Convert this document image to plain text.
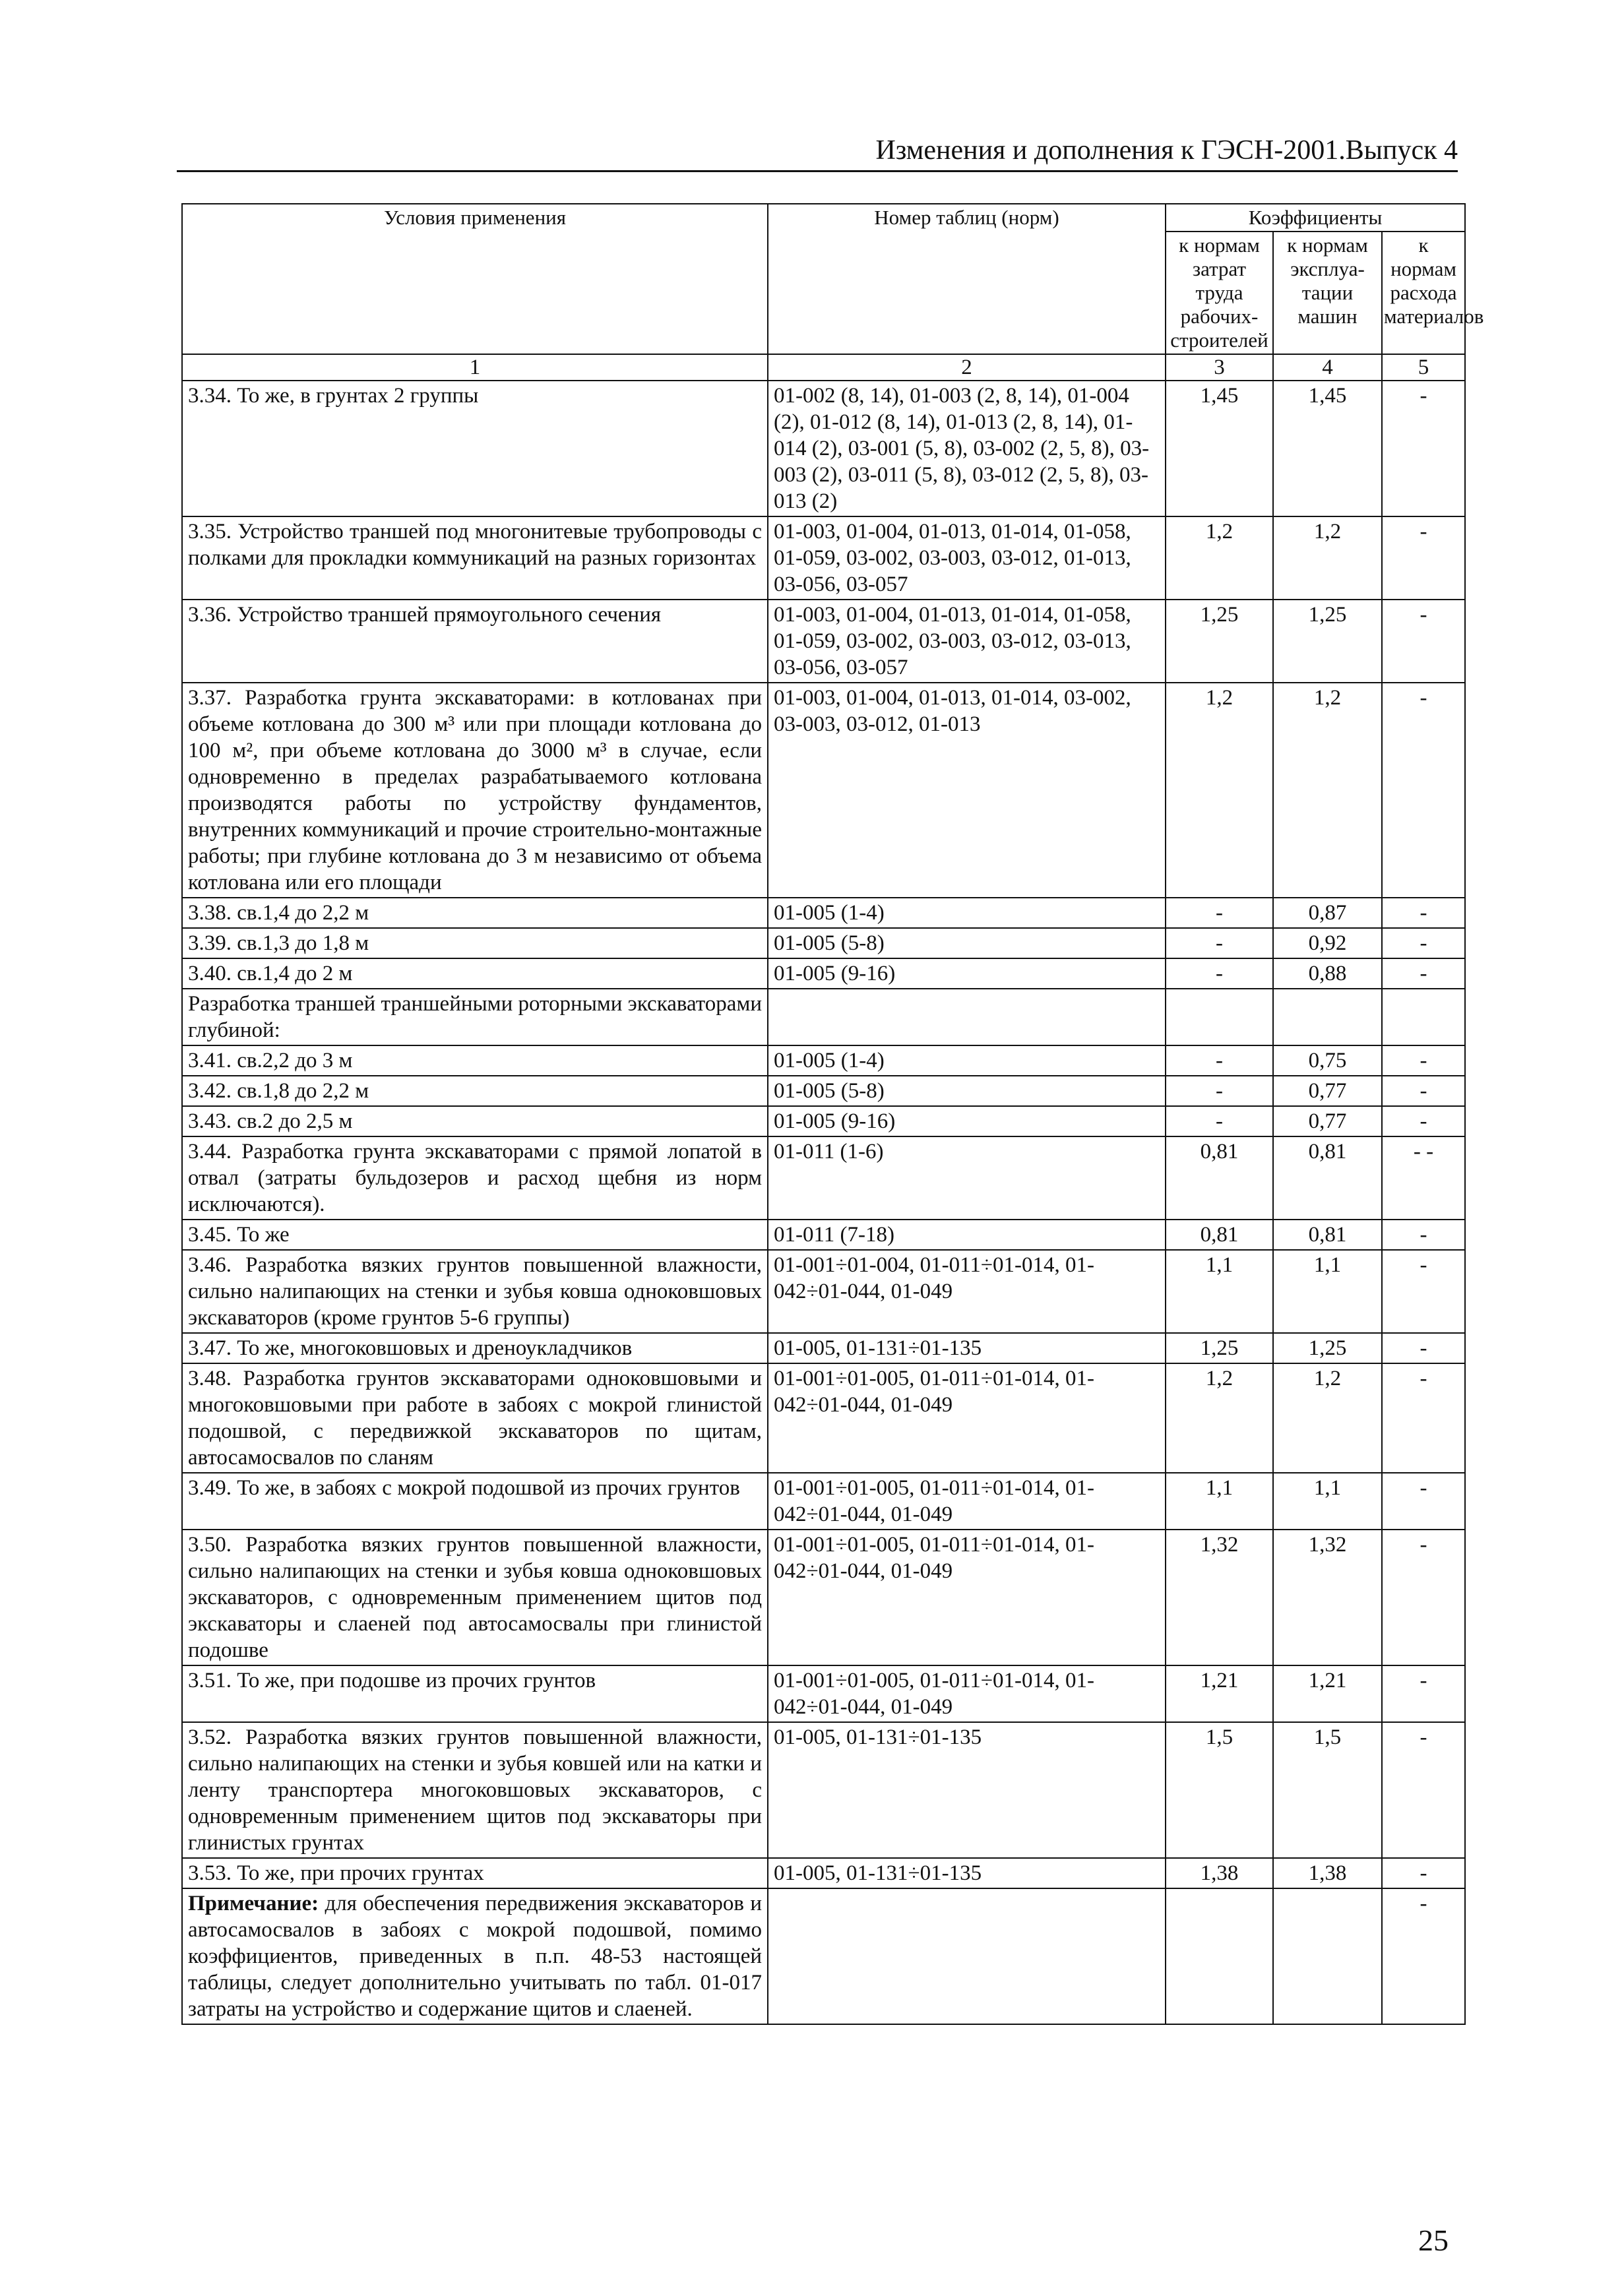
Изменения и дополнения к ГЭСН-2001.Выпуск 4
Условия применения	Номер таблиц (норм)	Коэффициенты		
		к нормам затрат труда рабочих-строителей	к нормам эксплуа-тации машин	к нормам расхода материалов
1	2	3	4	5
3.34. То же, в грунтах 2 группы	01-002 (8, 14), 01-003 (2, 8, 14), 01-004 (2), 01-012 (8, 14), 01-013 (2, 8, 14), 01-014 (2), 03-001 (5, 8), 03-002 (2, 5, 8), 03-003 (2), 03-011 (5, 8), 03-012 (2, 5, 8), 03-013 (2)	1,45	1,45	-
3.35. Устройство траншей под многонитевые трубопроводы с полками для прокладки коммуникаций на разных горизонтах	01-003, 01-004, 01-013, 01-014, 01-058, 01-059, 03-002, 03-003, 03-012, 01-013, 03-056, 03-057	1,2	1,2	-
3.36. Устройство траншей прямоугольного сечения	01-003, 01-004, 01-013, 01-014, 01-058, 01-059, 03-002, 03-003, 03-012, 03-013, 03-056, 03-057	1,25	1,25	-
3.37. Разработка грунта экскаваторами: в котлованах при объеме котлована до 300 м³ или при площади котлована до 100 м², при объеме котлована до 3000 м³ в случае, если одновременно в пределах разрабатываемого котлована производятся работы по устройству фундаментов, внутренних коммуникаций и прочие строительно-монтажные работы; при глубине котлована до 3 м независимо от объема котлована или его площади	01-003, 01-004, 01-013, 01-014, 03-002, 03-003, 03-012, 01-013	1,2	1,2	-
3.38. св.1,4 до 2,2 м	01-005 (1-4)	-	0,87	-
3.39. св.1,3 до 1,8 м	01-005 (5-8)	-	0,92	-
3.40. св.1,4 до 2 м	01-005 (9-16)	-	0,88	-
Разработка траншей траншейными роторными экскаваторами глубиной:				
3.41. св.2,2 до 3 м	01-005 (1-4)	-	0,75	-
3.42. св.1,8 до 2,2 м	01-005 (5-8)	-	0,77	-
3.43. св.2 до 2,5 м	01-005 (9-16)	-	0,77	-
3.44. Разработка грунта экскаваторами с прямой лопатой в отвал (затраты бульдозеров и расход щебня из норм исключаются).	01-011 (1-6)	0,81	0,81	- -
3.45. То же	01-011 (7-18)	0,81	0,81	-
3.46. Разработка вязких грунтов повышенной влажности, сильно налипающих на стенки и зубья ковша одноковшовых экскаваторов (кроме грунтов 5-6 группы)	01-001÷01-004, 01-011÷01-014, 01-042÷01-044, 01-049	1,1	1,1	-
3.47. То же, многоковшовых и дреноукладчиков	01-005, 01-131÷01-135	1,25	1,25	-
3.48. Разработка грунтов экскаваторами одноковшовыми и многоковшовыми при работе в забоях с мокрой глинистой подошвой, с передвижкой экскаваторов по щитам, автосамосвалов по сланям	01-001÷01-005, 01-011÷01-014, 01-042÷01-044, 01-049	1,2	1,2	-
3.49. То же, в забоях с мокрой подошвой из прочих грунтов	01-001÷01-005, 01-011÷01-014, 01-042÷01-044, 01-049	1,1	1,1	-
3.50. Разработка вязких грунтов повышенной влажности, сильно налипающих на стенки и зубья ковша одноковшовых экскаваторов, с одновременным применением щитов под экскаваторы и слаеней под автосамосвалы при глинистой подошве	01-001÷01-005, 01-011÷01-014, 01-042÷01-044, 01-049	1,32	1,32	-
3.51. То же, при подошве из прочих грунтов	01-001÷01-005, 01-011÷01-014, 01-042÷01-044, 01-049	1,21	1,21	-
3.52. Разработка вязких грунтов повышенной влажности, сильно налипающих на стенки и зубья ковшей или на катки и ленту транспортера многоковшовых экскаваторов, с одновременным применением щитов под экскаваторы при глинистых грунтах	01-005, 01-131÷01-135	1,5	1,5	-
3.53. То же, при прочих грунтах	01-005, 01-131÷01-135	1,38	1,38	-
Примечание: для обеспечения передвижения экскаваторов и автосамосвалов в забоях с мокрой подошвой, помимо коэффициентов, приведенных в п.п. 48-53 настоящей таблицы, следует дополнительно учитывать по табл. 01-017 затраты на устройство и содержание щитов и слаеней.				-
25
